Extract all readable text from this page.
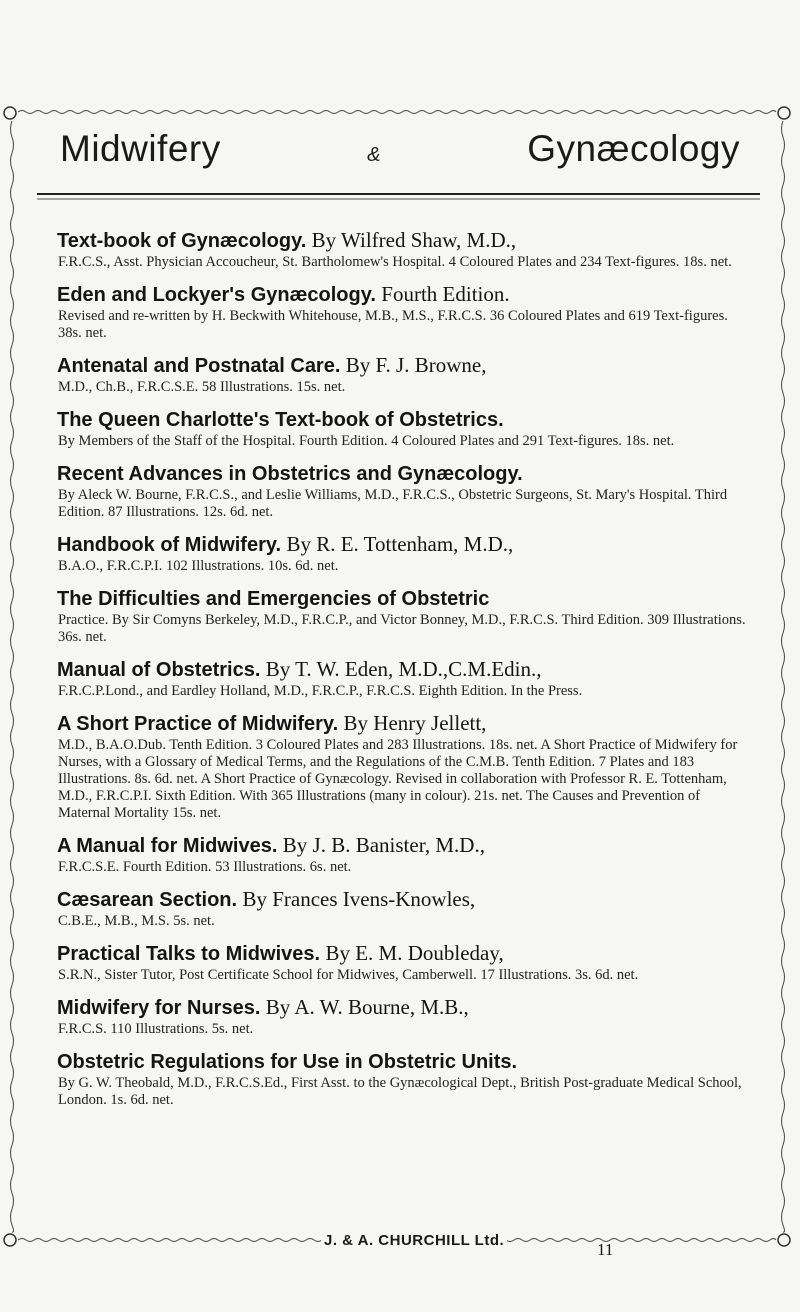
Midwifery	&	Gynæcology
Text-book of Gynæcology. By Wilfred Shaw, M.D.,
F.R.C.S., Asst. Physician Accoucheur, St. Bartholomew's Hospital. 4 Coloured Plates and 234 Text-figures. 18s. net.
Eden and Lockyer's Gynæcology. Fourth Edition.
Revised and re-written by H. Beckwith Whitehouse, M.B., M.S., F.R.C.S. 36 Coloured Plates and 619 Text-figures. 38s. net.
Antenatal and Postnatal Care. By F. J. Browne,
M.D., Ch.B., F.R.C.S.E. 58 Illustrations. 15s. net.
The Queen Charlotte's Text-book of Obstetrics.
By Members of the Staff of the Hospital. Fourth Edition. 4 Coloured Plates and 291 Text-figures. 18s. net.
Recent Advances in Obstetrics and Gynæcology.
By Aleck W. Bourne, F.R.C.S., and Leslie Williams, M.D., F.R.C.S., Obstetric Surgeons, St. Mary's Hospital. Third Edition. 87 Illustrations. 12s. 6d. net.
Handbook of Midwifery. By R. E. Tottenham, M.D.,
B.A.O., F.R.C.P.I. 102 Illustrations. 10s. 6d. net.
The Difficulties and Emergencies of Obstetric
Practice. By Sir Comyns Berkeley, M.D., F.R.C.P., and Victor Bonney, M.D., F.R.C.S. Third Edition. 309 Illustrations. 36s. net.
Manual of Obstetrics. By T. W. Eden, M.D.,C.M.Edin.,
F.R.C.P.Lond., and Eardley Holland, M.D., F.R.C.P., F.R.C.S. Eighth Edition. In the Press.
A Short Practice of Midwifery. By Henry Jellett,
M.D., B.A.O.Dub. Tenth Edition. 3 Coloured Plates and 283 Illustrations. 18s. net. A Short Practice of Midwifery for Nurses, with a Glossary of Medical Terms, and the Regulations of the C.M.B. Tenth Edition. 7 Plates and 183 Illustrations. 8s. 6d. net. A Short Practice of Gynæcology. Revised in collaboration with Professor R. E. Tottenham, M.D., F.R.C.P.I. Sixth Edition. With 365 Illustrations (many in colour). 21s. net. The Causes and Prevention of Maternal Mortality 15s. net.
A Manual for Midwives. By J. B. Banister, M.D.,
F.R.C.S.E. Fourth Edition. 53 Illustrations. 6s. net.
Cæsarean Section. By Frances Ivens-Knowles,
C.B.E., M.B., M.S. 5s. net.
Practical Talks to Midwives. By E. M. Doubleday,
S.R.N., Sister Tutor, Post Certificate School for Midwives, Camberwell. 17 Illustrations. 3s. 6d. net.
Midwifery for Nurses. By A. W. Bourne, M.B.,
F.R.C.S. 110 Illustrations. 5s. net.
Obstetric Regulations for Use in Obstetric Units.
By G. W. Theobald, M.D., F.R.C.S.Ed., First Asst. to the Gynæcological Dept., British Post-graduate Medical School, London. 1s. 6d. net.
J. & A. CHURCHILL Ltd.	11
